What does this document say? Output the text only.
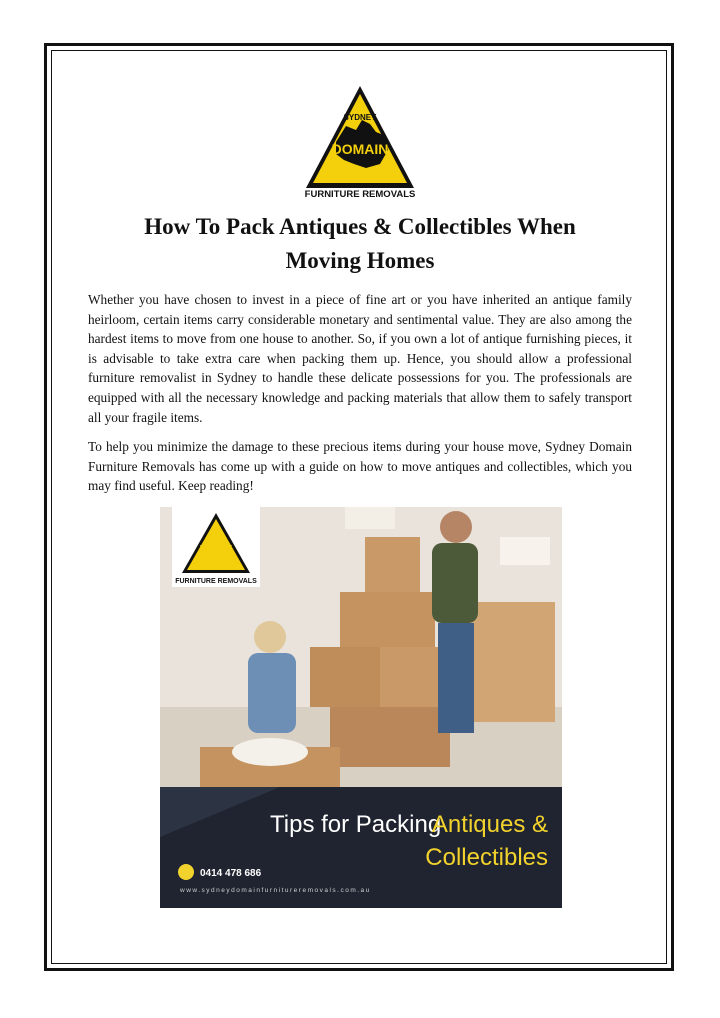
SYDNEY
DOMAIN
FURNITURE REMOVALS
How To Pack Antiques & Collectibles When
Moving Homes

Whether you have chosen to invest in a piece of fine art or you have inherited an antique family heirloom, certain items carry considerable monetary and sentimental value. They are also among the hardest items to move from one house to another. So, if you own a lot of antique furnishing pieces, it is advisable to take extra care when packing them up. Hence, you should allow a professional furniture removalist in Sydney to handle these delicate possessions for you. The professionals are equipped with all the necessary knowledge and packing materials that allow them to safely transport all your fragile items.

To help you minimize the damage to these precious items during your house move, Sydney Domain Furniture Removals has come up with a guide on how to move antiques and collectibles, which you may find useful. Keep reading!

DOMAIN
FURNITURE REMOVALS
Tips for Packing
Antiques &
Collectibles
0414 478 686
www.sydneydomainfurnitureremovals.com.au
